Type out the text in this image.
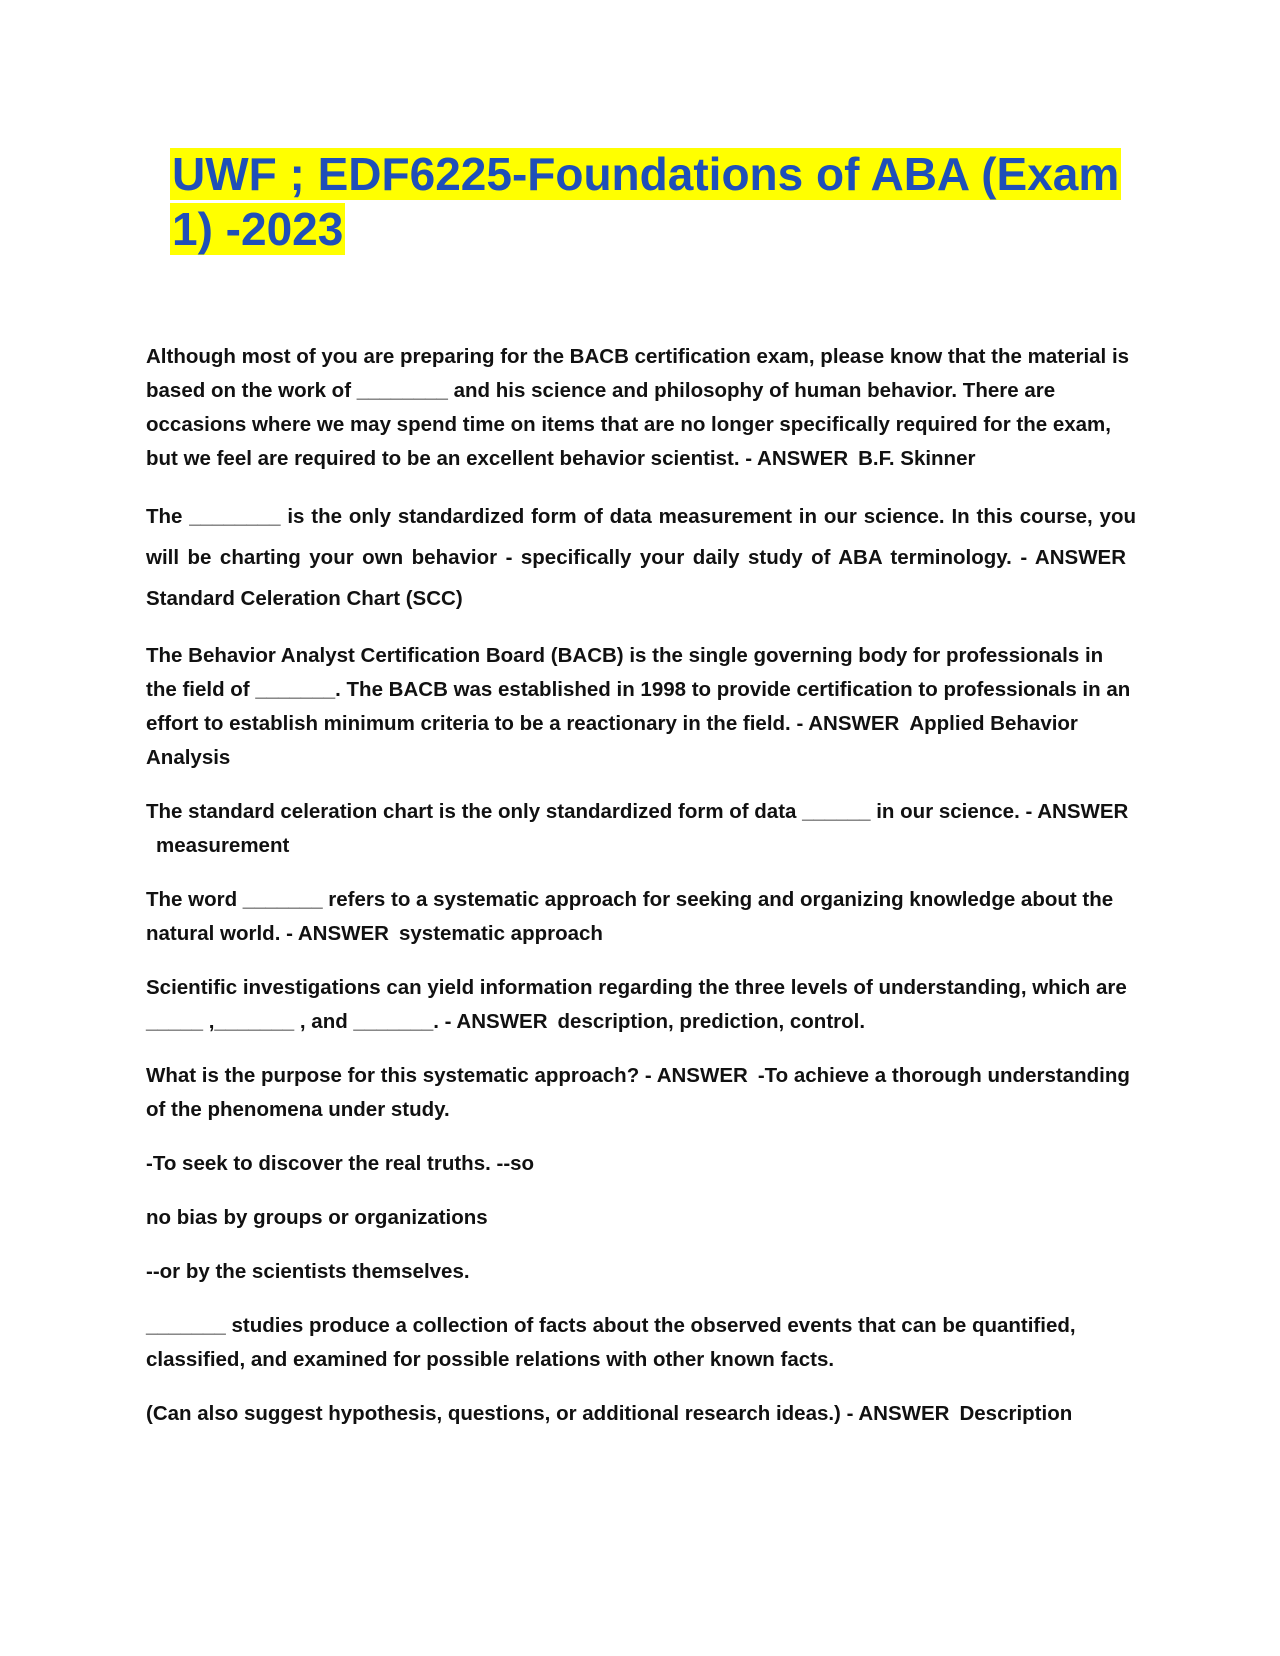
UWF ; EDF6225-Foundations of ABA (Exam 1) -2023

Although most of you are preparing for the BACB certification exam, please know that the material is based on the work of ________ and his science and philosophy of human behavior. There are occasions where we may spend time on items that are no longer specifically required for the exam, but we feel are required to be an excellent behavior scientist. - ANSWER B.F. Skinner

The ________ is the only standardized form of data measurement in our science. In this course, you will be charting your own behavior - specifically your daily study of ABA terminology. - ANSWERStandard Celeration Chart (SCC)

The Behavior Analyst Certification Board (BACB) is the single governing body for professionals in the field of _______. The BACB was established in 1998 to provide certification to professionals in an effort to establish minimum criteria to be a reactionary in the field. - ANSWER Applied Behavior Analysis

The standard celeration chart is the only standardized form of data ______ in our science. - ANSWERmeasurement

The word _______ refers to a systematic approach for seeking and organizing knowledge about the natural world. - ANSWER systematic approach

Scientific investigations can yield information regarding the three levels of understanding, which are _____ ,_______ , and _______. - ANSWER description, prediction, control.

What is the purpose for this systematic approach? - ANSWER -To achieve a thorough understanding of the phenomena under study.

-To seek to discover the real truths. --so

no bias by groups or organizations

--or by the scientists themselves.

_______ studies produce a collection of facts about the observed events that can be quantified, classified, and examined for possible relations with other known facts.

(Can also suggest hypothesis, questions, or additional research ideas.) - ANSWER Description
